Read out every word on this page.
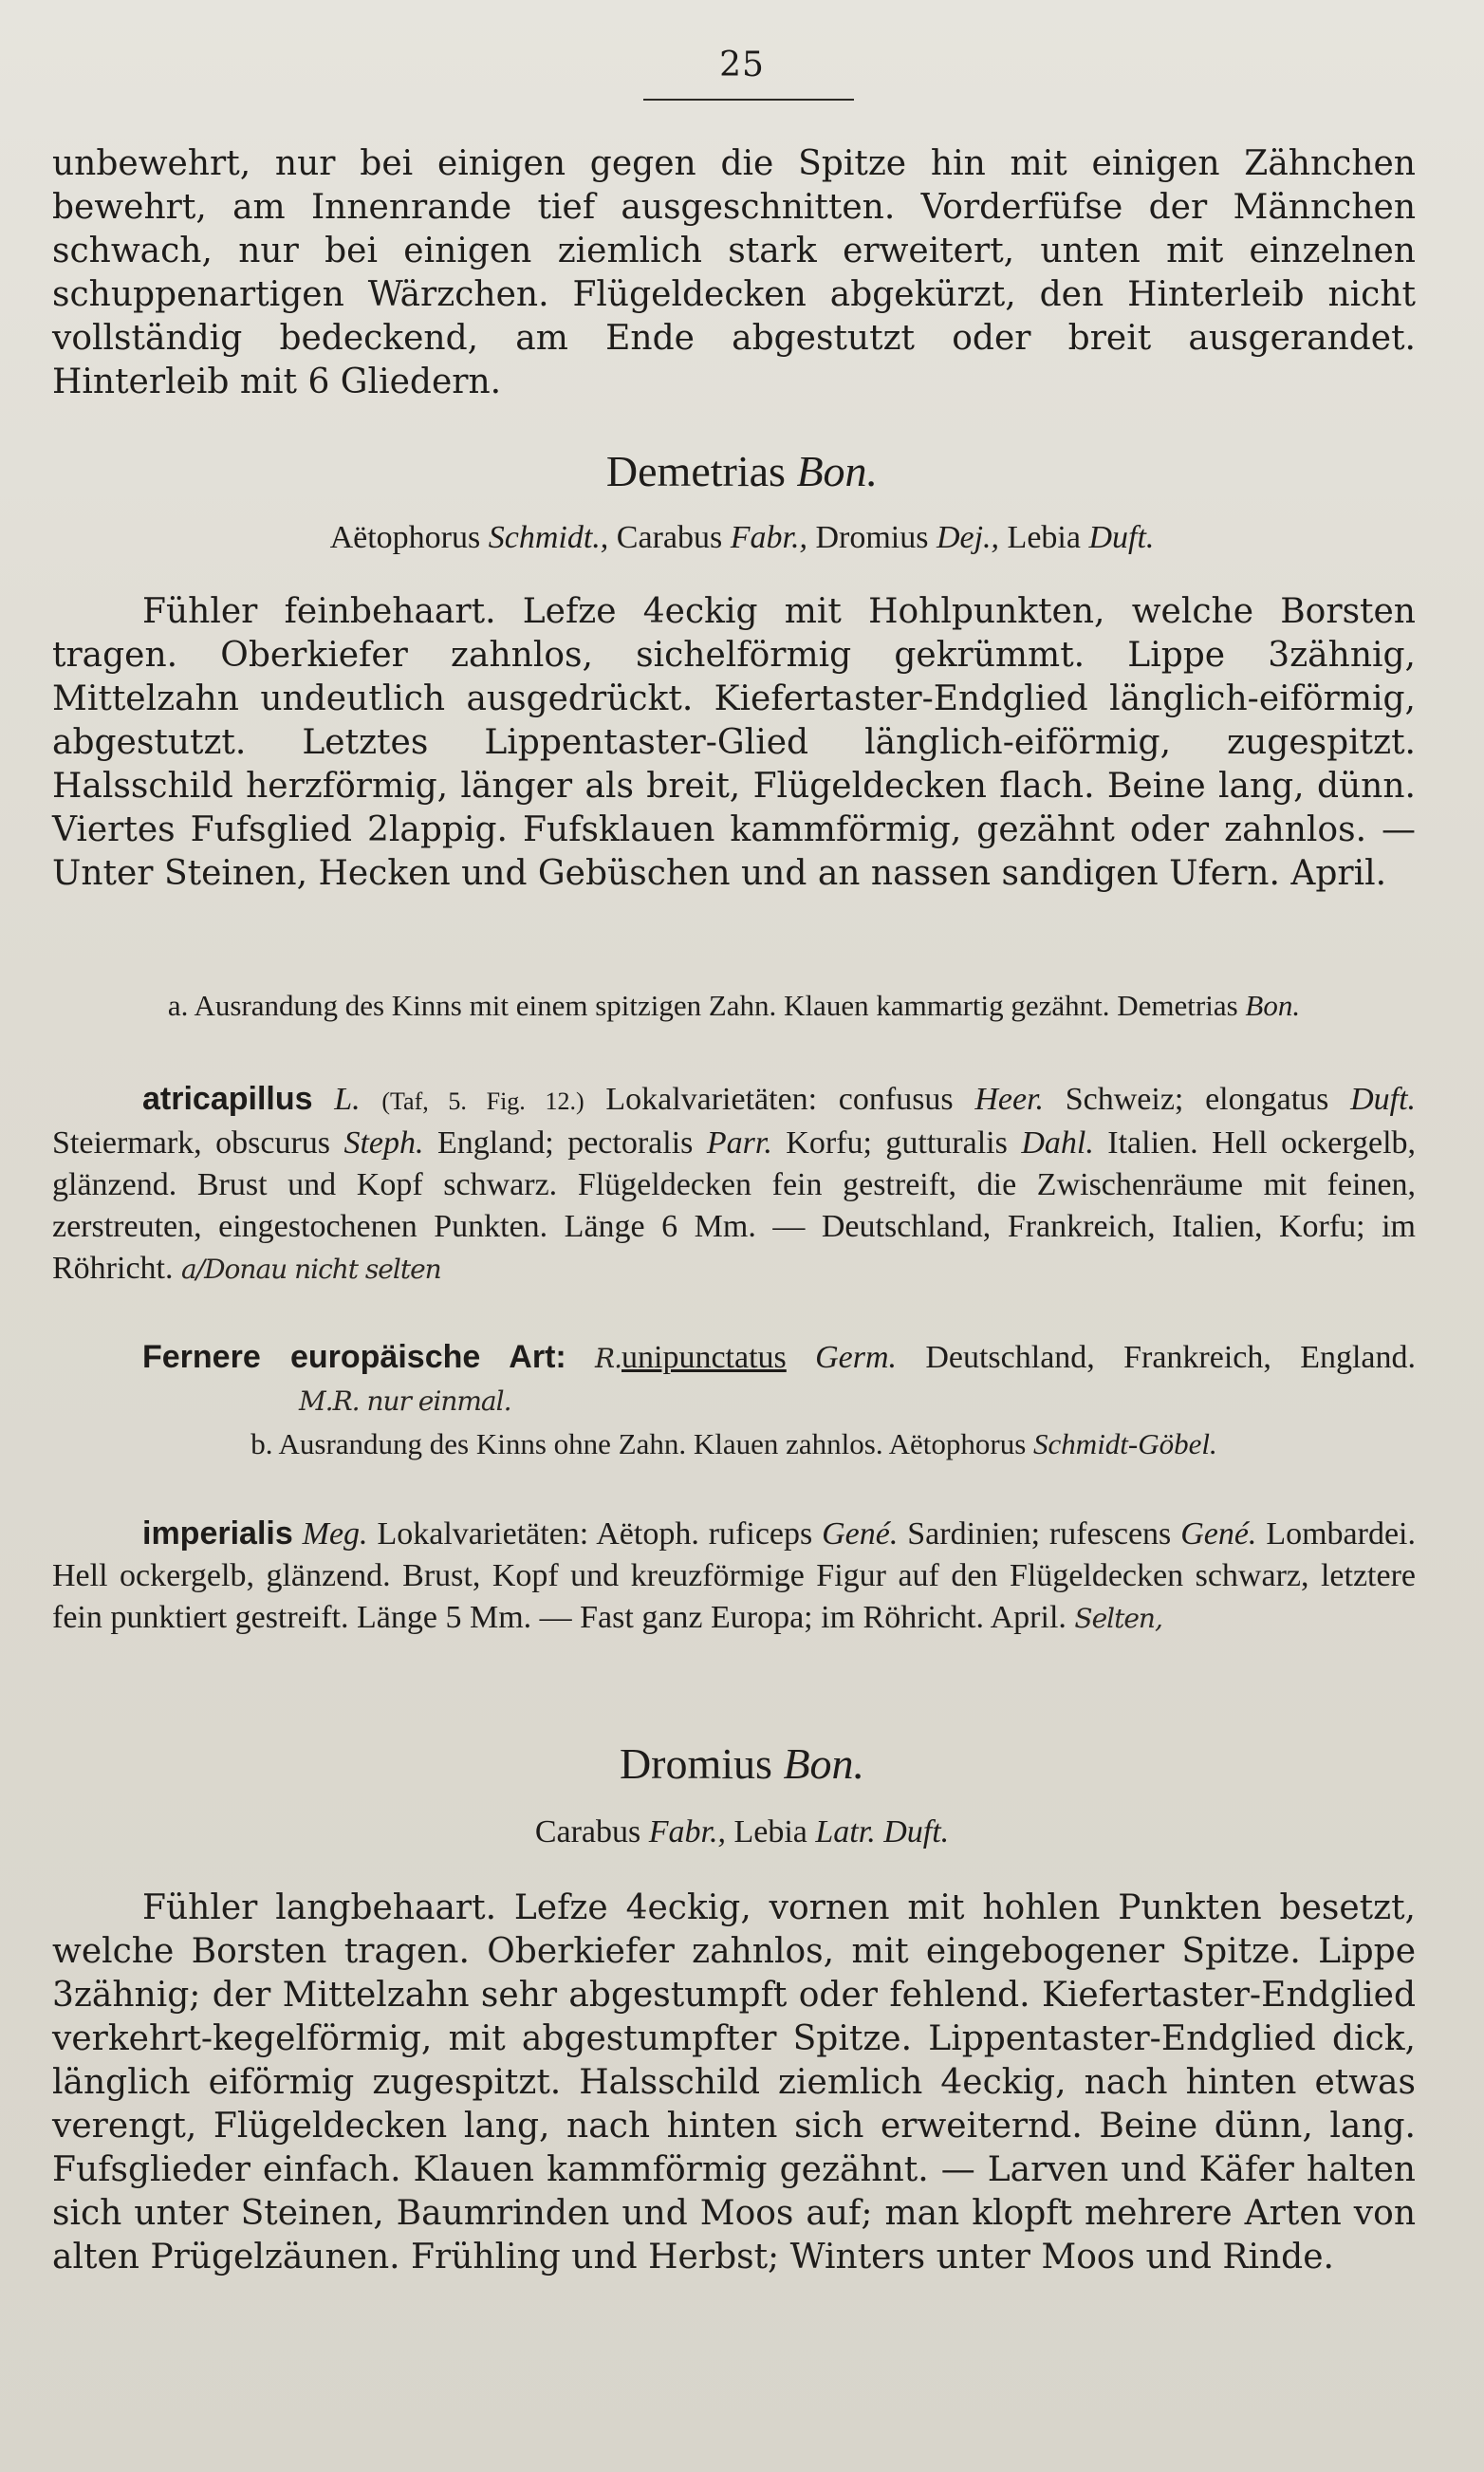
25

unbewehrt, nur bei einigen gegen die Spitze hin mit einigen Zähnchen bewehrt, am Innenrande tief ausgeschnitten. Vorderfüfse der Männchen schwach, nur bei einigen ziemlich stark erweitert, unten mit einzelnen schuppenartigen Wärzchen. Flügeldecken abgekürzt, den Hinterleib nicht vollständig bedeckend, am Ende abgestutzt oder breit ausgerandet. Hinterleib mit 6 Gliedern.

Demetrias Bon.
Aëtophorus Schmidt., Carabus Fabr., Dromius Dej., Lebia Duft.

Fühler feinbehaart. Lefze 4eckig mit Hohlpunkten, welche Borsten tragen. Oberkiefer zahnlos, sichelförmig gekrümmt. Lippe 3zähnig, Mittelzahn undeutlich ausgedrückt. Kiefertaster-Endglied länglich-eiförmig, abgestutzt. Letztes Lippentaster-Glied länglich-eiförmig, zugespitzt. Halsschild herzförmig, länger als breit, Flügeldecken flach. Beine lang, dünn. Viertes Fufsglied 2lappig. Fufsklauen kammförmig, gezähnt oder zahnlos. — Unter Steinen, Hecken und Gebüschen und an nassen sandigen Ufern. April.

a. Ausrandung des Kinns mit einem spitzigen Zahn. Klauen kammartig gezähnt. Demetrias Bon.

atricapillus L. (Taf, 5. Fig. 12.) Lokalvarietäten: confusus Heer. Schweiz; elongatus Duft. Steiermark, obscurus Steph. England; pectoralis Parr. Korfu; gutturalis Dahl. Italien. Hell ockergelb, glänzend. Brust und Kopf schwarz. Flügeldecken fein gestreift, die Zwischenräume mit feinen, zerstreuten, eingestochenen Punkten. Länge 6 Mm. — Deutschland, Frankreich, Italien, Korfu; im Röhricht. a/Donau nicht selten

Fernere europäische Art: R.unipunctatus Germ. Deutschland, Frankreich, England. M.R. nur einmal.

b. Ausrandung des Kinns ohne Zahn. Klauen zahnlos. Aëtophorus Schmidt-Göbel.

imperialis Meg. Lokalvarietäten: Aëtoph. ruficeps Gené. Sardinien; rufescens Gené. Lombardei. Hell ockergelb, glänzend. Brust, Kopf und kreuzförmige Figur auf den Flügeldecken schwarz, letztere fein punktiert gestreift. Länge 5 Mm. — Fast ganz Europa; im Röhricht. April. Selten,

Dromius Bon.
Carabus Fabr., Lebia Latr. Duft.

Fühler langbehaart. Lefze 4eckig, vornen mit hohlen Punkten besetzt, welche Borsten tragen. Oberkiefer zahnlos, mit eingebogener Spitze. Lippe 3zähnig; der Mittelzahn sehr abgestumpft oder fehlend. Kiefertaster-Endglied verkehrt-kegelförmig, mit abgestumpfter Spitze. Lippentaster-Endglied dick, länglich eiförmig zugespitzt. Halsschild ziemlich 4eckig, nach hinten etwas verengt, Flügeldecken lang, nach hinten sich erweiternd. Beine dünn, lang. Fufsglieder einfach. Klauen kammförmig gezähnt. — Larven und Käfer halten sich unter Steinen, Baumrinden und Moos auf; man klopft mehrere Arten von alten Prügelzäunen. Frühling und Herbst; Winters unter Moos und Rinde.
